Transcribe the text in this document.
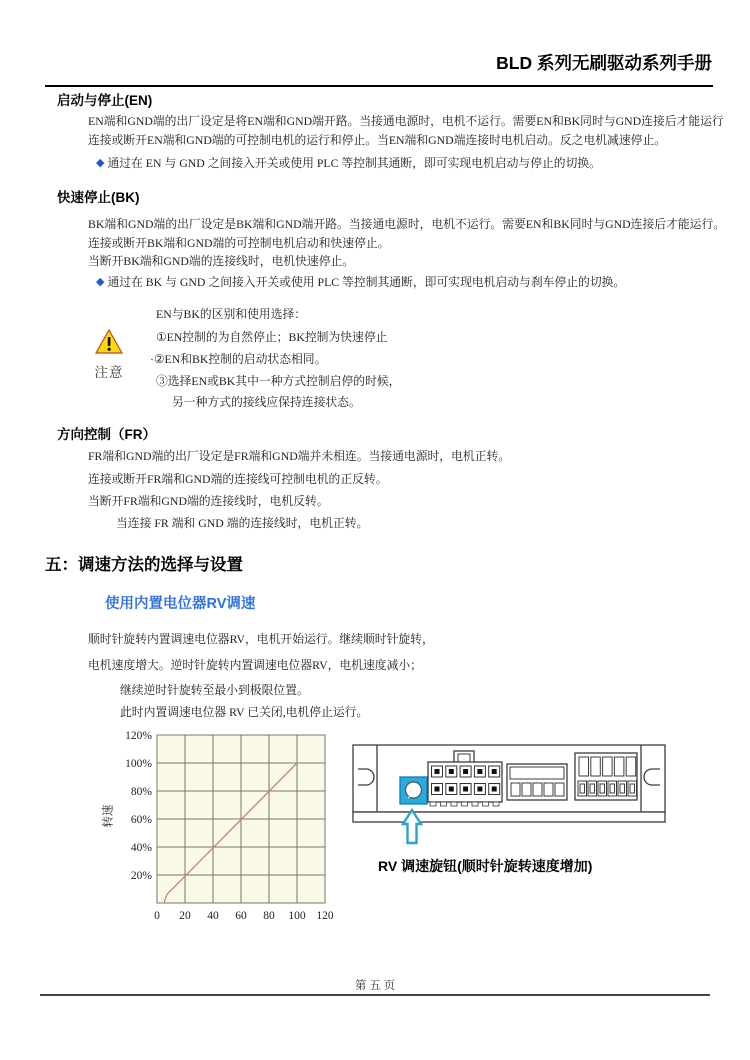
BLD 系列无刷驱动系列手册
启动与停止(EN)
EN端和GND端的出厂设定是将EN端和GND端开路。当接通电源时，电机不运行。需要EN和BK同时与GND连接后才能运行
连接或断开EN端和GND端的可控制电机的运行和停止。当EN端和GND端连接时电机启动。反之电机减速停止。
◆ 通过在 EN 与 GND 之间接入开关或使用 PLC 等控制其通断，即可实现电机启动与停止的切换。
快速停止(BK)
BK端和GND端的出厂设定是BK端和GND端开路。当接通电源时，电机不运行。需要EN和BK同时与GND连接后才能运行。
连接或断开BK端和GND端的可控制电机启动和快速停止。
当断开BK端和GND端的连接线时，电机快速停止。
◆ 通过在 BK 与 GND 之间接入开关或使用 PLC 等控制其通断，即可实现电机启动与刹车停止的切换。
注意
EN与BK的区别和使用选择：
①EN控制的为自然停止；BK控制为快速停止
·②EN和BK控制的启动状态相同。
③选择EN或BK其中一种方式控制启停的时候，
另一种方式的接线应保持连接状态。
方向控制（FR）
FR端和GND端的出厂设定是FR端和GND端并未相连。当接通电源时，电机正转。
连接或断开FR端和GND端的连接线可控制电机的正反转。
当断开FR端和GND端的连接线时，电机反转。
当连接 FR 端和 GND 端的连接线时，电机正转。
五：调速方法的选择与设置
使用内置电位器RV调速
顺时针旋转内置调速电位器RV，电机开始运行。继续顺时针旋转，
电机速度增大。逆时针旋转内置调速电位器RV，电机速度减小；
继续逆时针旋转至最小到极限位置。
此时内置调速电位器 RV 已关闭,电机停止运行。
转速
0 20 40 60 80 100 120
20%
40%
60%
80%
100%
120%
RV 调速旋钮(顺时针旋转速度增加)
第 五 页
